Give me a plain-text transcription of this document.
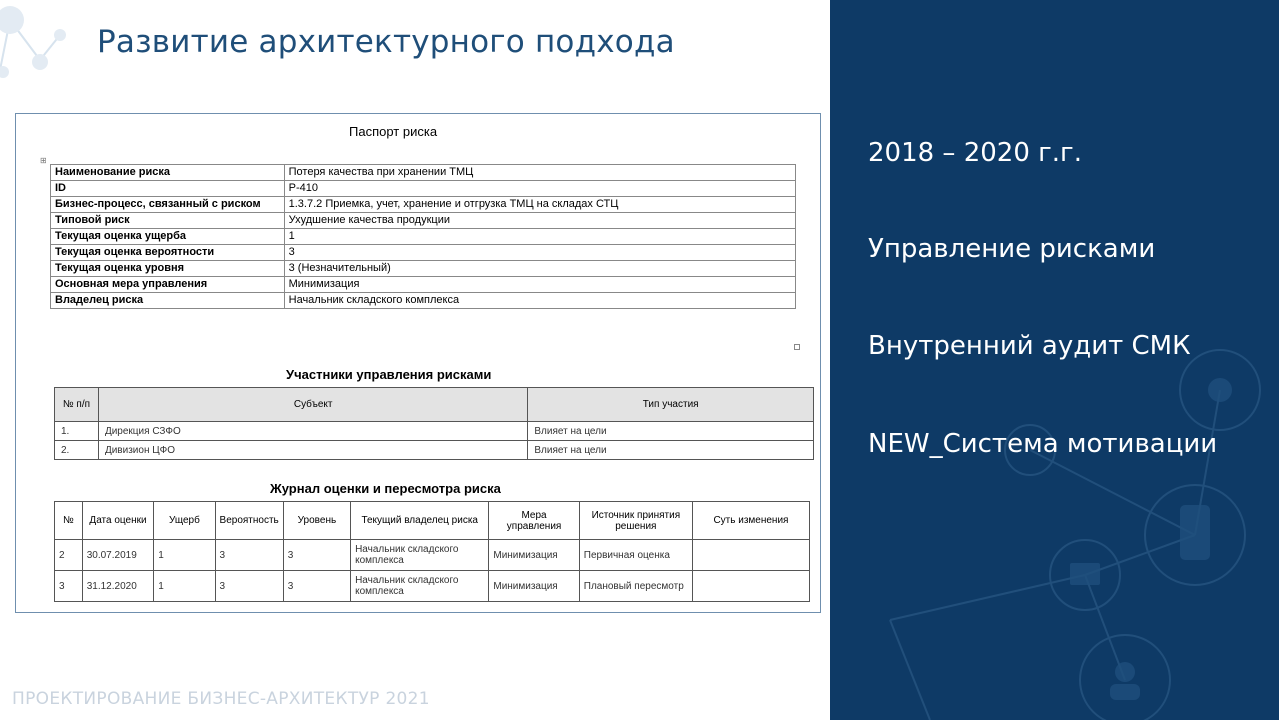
Развитие архитектурного подхода
Паспорт риска
⊞
Наименование риска	Потеря качества при хранении ТМЦ
ID	Р-410
Бизнес-процесс, связанный с риском	1.3.7.2 Приемка, учет, хранение и отгрузка ТМЦ на складах СТЦ
Типовой риск	Ухудшение качества продукции
Текущая оценка ущерба	1
Текущая оценка вероятности	3
Текущая оценка уровня	3 (Незначительный)
Основная мера управления	Минимизация
Владелец риска	Начальник складского комплекса
Участники управления рисками
№ п/п	Субъект	Тип участия
1.	Дирекция СЗФО	Влияет на цели
2.	Дивизион ЦФО	Влияет на цели
Журнал оценки и пересмотра риска
№	Дата оценки	Ущерб	Вероятность	Уровень	Текущий владелец риска	Мера управления	Источник принятия решения	Суть изменения
2	30.07.2019	1	3	3	Начальник складского комплекса	Минимизация	Первичная оценка	
3	31.12.2020	1	3	3	Начальник складского комплекса	Минимизация	Плановый пересмотр	
2018 – 2020 г.г.
Управление рисками
Внутренний аудит СМК
NEW_Система мотивации
ПРОЕКТИРОВАНИЕ БИЗНЕС-АРХИТЕКТУР 2021
